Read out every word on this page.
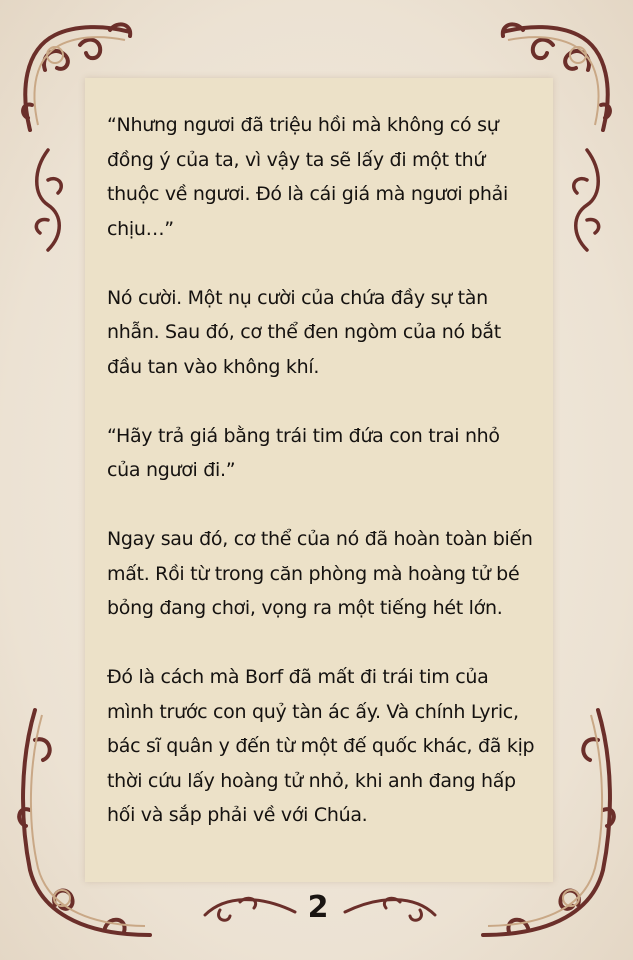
“Nhưng ngươi đã triệu hồi mà không có sự
đồng ý của ta, vì vậy ta sẽ lấy đi một thứ
thuộc về ngươi. Đó là cái giá mà ngươi phải
chịu…”

Nó cười. Một nụ cười của chứa đầy sự tàn
nhẫn. Sau đó, cơ thể đen ngòm của nó bắt
đầu tan vào không khí.

“Hãy trả giá bằng trái tim đứa con trai nhỏ
của ngươi đi.”

Ngay sau đó, cơ thể của nó đã hoàn toàn biến
mất. Rồi từ trong căn phòng mà hoàng tử bé
bỏng đang chơi, vọng ra một tiếng hét lớn.

Đó là cách mà Borf đã mất đi trái tim của
mình trước con quỷ tàn ác ấy. Và chính Lyric,
bác sĩ quân y đến từ một đế quốc khác, đã kịp
thời cứu lấy hoàng tử nhỏ, khi anh đang hấp
hối và sắp phải về với Chúa.

2
